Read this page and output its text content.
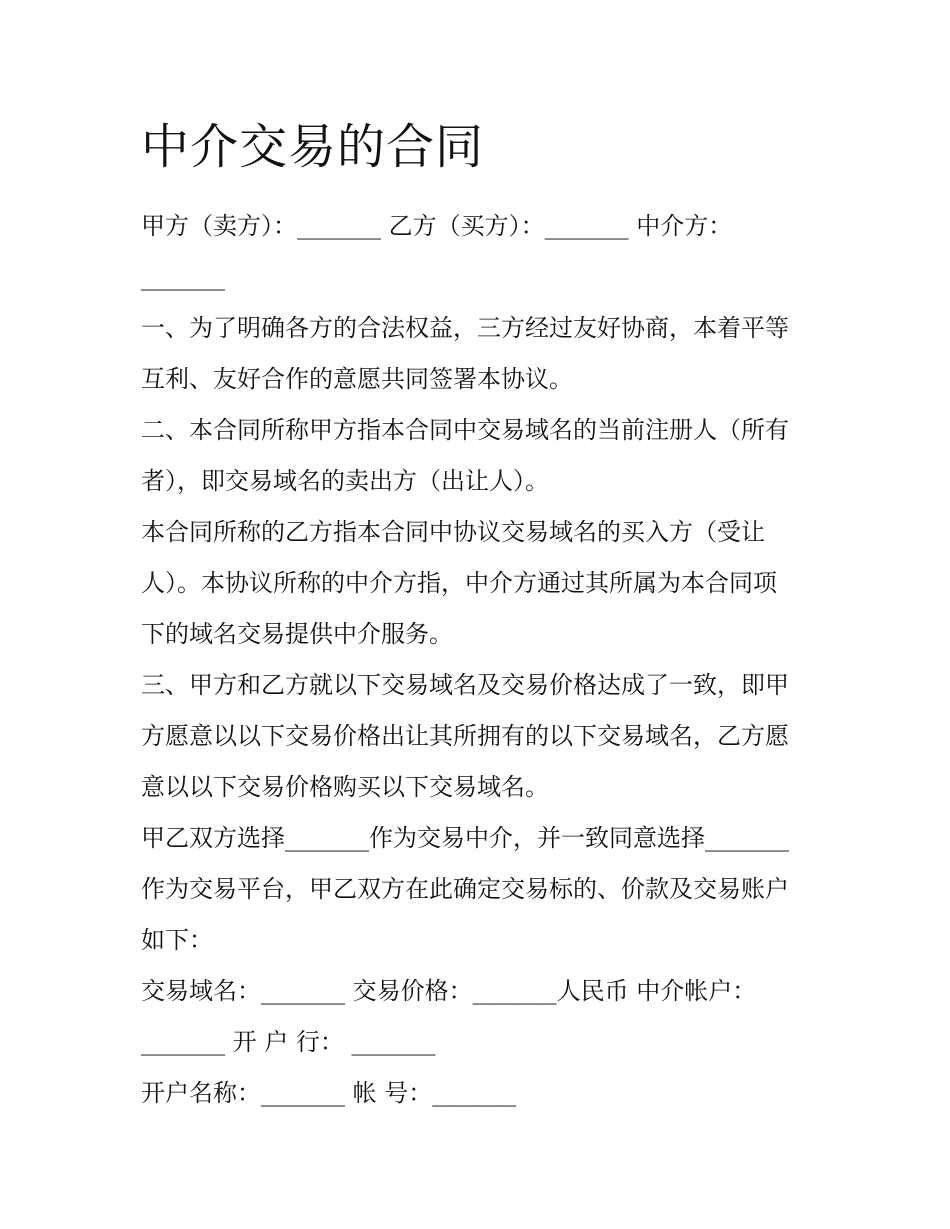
中介交易的合同
甲方（卖方）：_______ 乙方（买方）：_______ 中介方：
_______
一、为了明确各方的合法权益，三方经过友好协商，本着平等
互利、友好合作的意愿共同签署本协议。
二、本合同所称甲方指本合同中交易域名的当前注册人（所有
者），即交易域名的卖出方（出让人）。
本合同所称的乙方指本合同中协议交易域名的买入方（受让
人）。本协议所称的中介方指，中介方通过其所属为本合同项
下的域名交易提供中介服务。
三、甲方和乙方就以下交易域名及交易价格达成了一致，即甲
方愿意以以下交易价格出让其所拥有的以下交易域名，乙方愿
意以以下交易价格购买以下交易域名。
甲乙双方选择_______作为交易中介，并一致同意选择_______
作为交易平台，甲乙双方在此确定交易标的、价款及交易账户
如下：
交易域名：_______ 交易价格：_______人民币 中介帐户：
_______ 开 户 行： _______
开户名称：_______ 帐 号：_______
